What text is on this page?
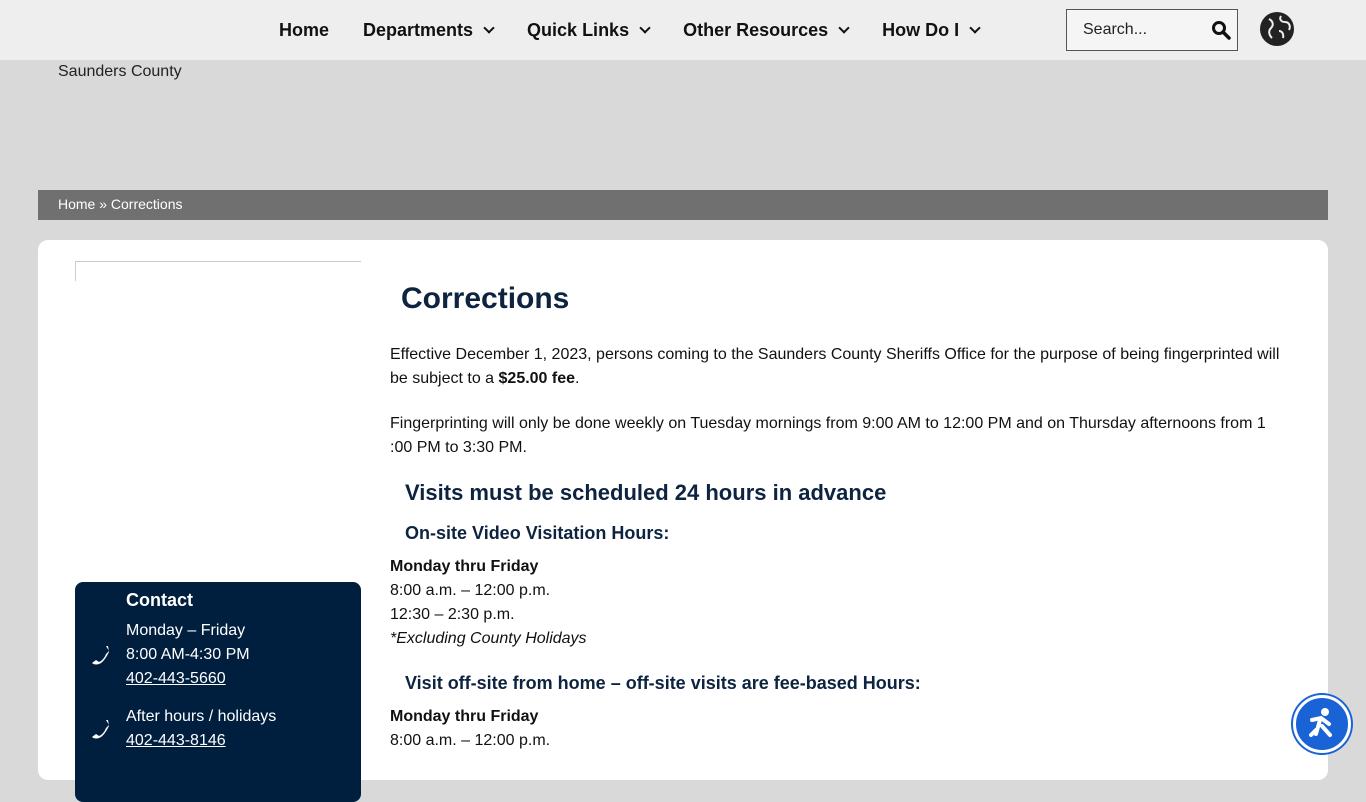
Home Departments	Quick Links	Other Resources	How Do I	Search...
Saunders County
Home » Corrections
Contact
Monday – Friday
8:00 AM-4:30 PM
402-443-5660
After hours / holidays
402-443-8146
Corrections

Effective December 1, 2023, persons coming to the Saunders County Sheriffs Office for the purpose of being fingerprinted will be subject to a $25.00 fee.

Fingerprinting will only be done weekly on Tuesday mornings from 9:00 AM to 12:00 PM and on Thursday afternoons from 1 :00 PM to 3:30 PM.

Visits must be scheduled 24 hours in advance
On-site Video Visitation Hours:
Monday thru Friday
8:00 a.m. – 12:00 p.m.
12:30 – 2:30 p.m.
*Excluding County Holidays
Visit off-site from home – off-site visits are fee-based Hours:
Monday thru Friday
8:00 a.m. – 12:00 p.m.
